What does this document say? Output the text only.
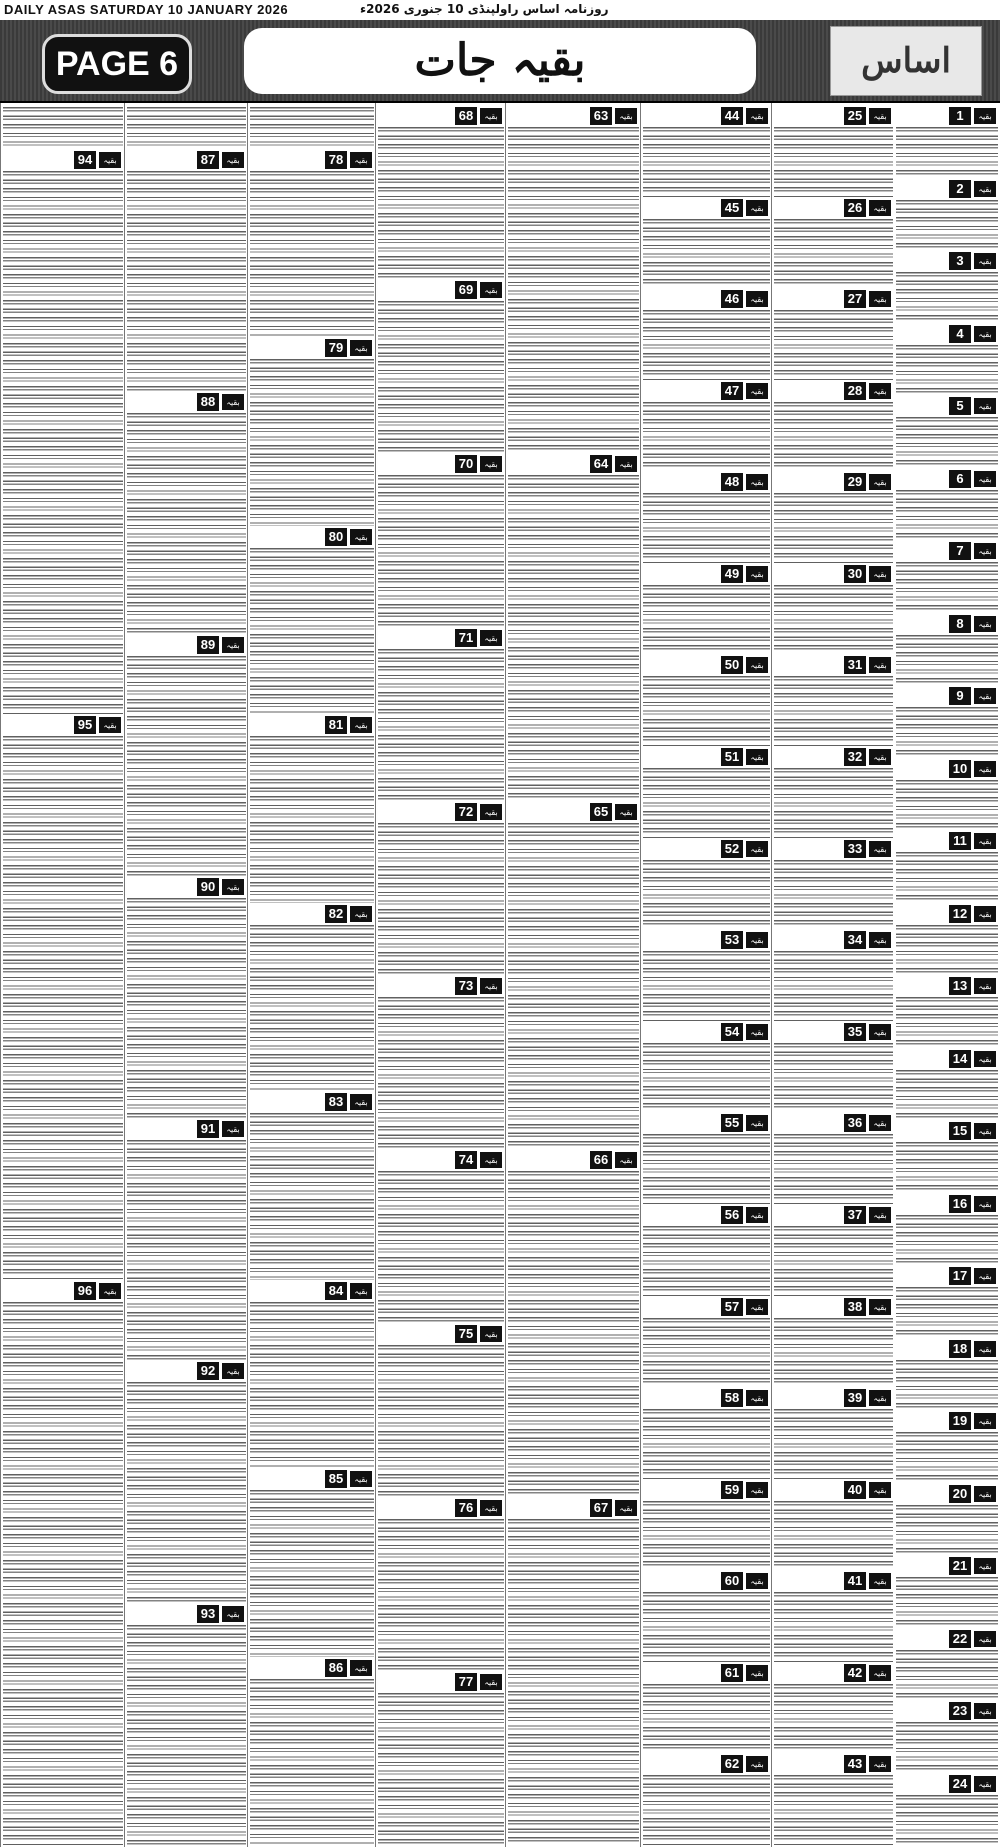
DAILY ASAS SATURDAY 10 JANUARY 2026	روزنامہ اساس راولپنڈی 10 جنوری 2026ء
PAGE 6	بقیہ جات	اساس
1	بقیہ
2	بقیہ
3	بقیہ
4	بقیہ
5	بقیہ
6	بقیہ
7	بقیہ
8	بقیہ
9	بقیہ
10	بقیہ
11	بقیہ
12	بقیہ
13	بقیہ
14	بقیہ
15	بقیہ
16	بقیہ
17	بقیہ
18	بقیہ
19	بقیہ
20	بقیہ
21	بقیہ
22	بقیہ
23	بقیہ
24	بقیہ
25	بقیہ
26	بقیہ
27	بقیہ
28	بقیہ
29	بقیہ
30	بقیہ
31	بقیہ
32	بقیہ
33	بقیہ
34	بقیہ
35	بقیہ
36	بقیہ
37	بقیہ
38	بقیہ
39	بقیہ
40	بقیہ
41	بقیہ
42	بقیہ
43	بقیہ
44	بقیہ
45	بقیہ
46	بقیہ
47	بقیہ
48	بقیہ
49	بقیہ
50	بقیہ
51	بقیہ
52	بقیہ
53	بقیہ
54	بقیہ
55	بقیہ
56	بقیہ
57	بقیہ
58	بقیہ
59	بقیہ
60	بقیہ
61	بقیہ
62	بقیہ
63	بقیہ
64	بقیہ
65	بقیہ
66	بقیہ
67	بقیہ
68	بقیہ
69	بقیہ
70	بقیہ
71	بقیہ
72	بقیہ
73	بقیہ
74	بقیہ
75	بقیہ
76	بقیہ
77	بقیہ
78	بقیہ
79	بقیہ
80	بقیہ
81	بقیہ
82	بقیہ
83	بقیہ
84	بقیہ
85	بقیہ
86	بقیہ
87	بقیہ
88	بقیہ
89	بقیہ
90	بقیہ
91	بقیہ
92	بقیہ
93	بقیہ
94	بقیہ
95	بقیہ
96	بقیہ
